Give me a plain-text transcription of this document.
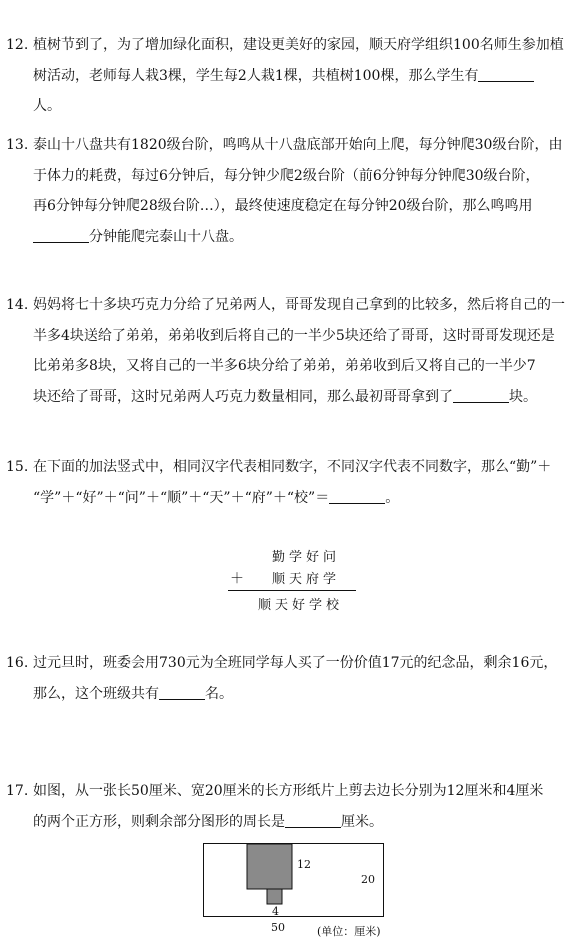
12. 植树节到了，为了增加绿化面积，建设更美好的家园，顺天府学组织100名师生参加植
树活动，老师每人栽3棵，学生每2人栽1棵，共植树100棵，那么学生有
人。
13. 泰山十八盘共有1820级台阶，鸣鸣从十八盘底部开始向上爬，每分钟爬30级台阶，由
于体力的耗费，每过6分钟后，每分钟少爬2级台阶（前6分钟每分钟爬30级台阶，
再6分钟每分钟爬28级台阶…），最终使速度稳定在每分钟20级台阶，那么鸣鸣用
分钟能爬完泰山十八盘。
14. 妈妈将七十多块巧克力分给了兄弟两人，哥哥发现自己拿到的比较多，然后将自己的一
半多4块送给了弟弟，弟弟收到后将自己的一半少5块还给了哥哥，这时哥哥发现还是
比弟弟多8块，又将自己的一半多6块分给了弟弟，弟弟收到后又将自己的一半少7
块还给了哥哥，这时兄弟两人巧克力数量相同，那么最初哥哥拿到了	块。
15. 在下面的加法竖式中，相同汉字代表相同数字，不同汉字代表不同数字，那么“勤”＋
“学”＋“好”＋“问”＋“顺”＋“天”＋“府”＋“校”＝	。
勤学好问
＋ 顺天府学
顺天好学校
16. 过元旦时，班委会用730元为全班同学每人买了一份价值17元的纪念品，剩余16元，
那么，这个班级共有	名。
17. 如图，从一张长50厘米、宽20厘米的长方形纸片上剪去边长分别为12厘米和4厘米
的两个正方形，则剩余部分图形的周长是	厘米。
12
20
4
50	(单位：厘米)
